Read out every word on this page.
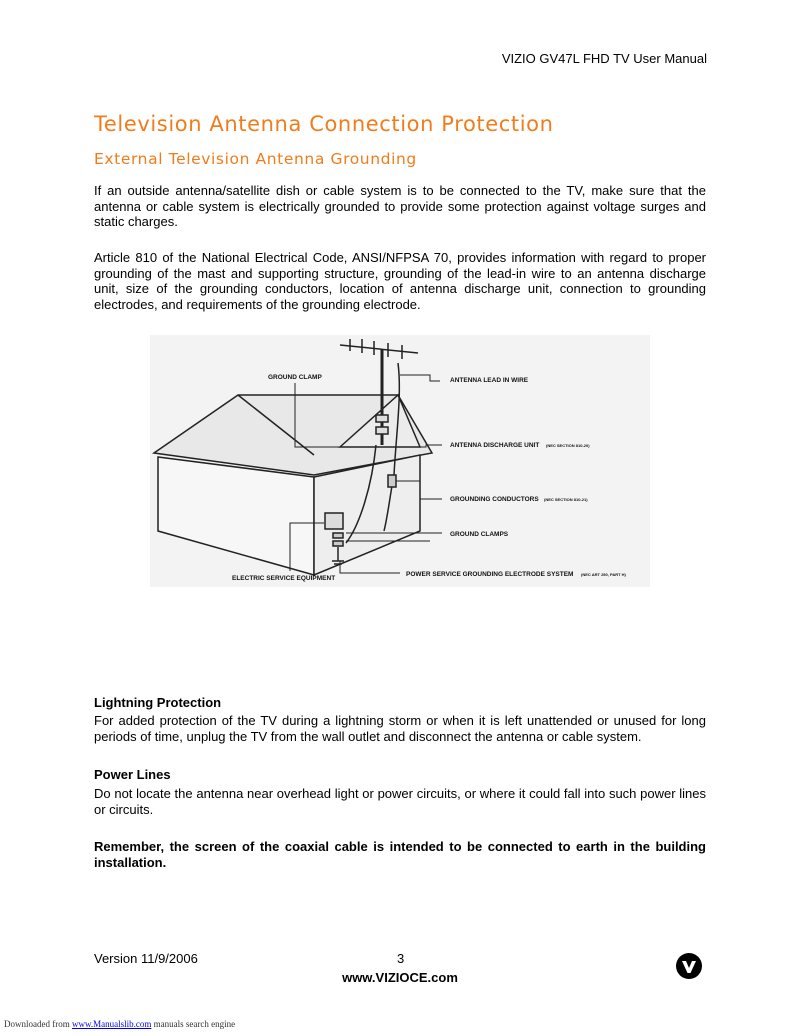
VIZIO GV47L FHD TV User Manual
Television Antenna Connection Protection
External Television Antenna Grounding

If an outside antenna/satellite dish or cable system is to be connected to the TV, make sure that the antenna or cable system is electrically grounded to provide some protection against voltage surges and static charges.

Article 810 of the National Electrical Code, ANSI/NFPSA 70, provides information with regard to proper grounding of the mast and supporting structure, grounding of the lead-in wire to an antenna discharge unit, size of the grounding conductors, location of antenna discharge unit, connection to grounding electrodes, and requirements of the grounding electrode.

GROUND CLAMP	ANTENNA LEAD IN WIRE
ANTENNA DISCHARGE UNIT (NEC SECTION 810-20)
GROUNDING CONDUCTORS (NEC SECTION 810-21)
GROUND CLAMPS
ELECTRIC SERVICE EQUIPMENT
POWER SERVICE GROUNDING ELECTRODE SYSTEM (NEC ART 250, PART H)
Lightning Protection

For added protection of the TV during a lightning storm or when it is left unattended or unused for long periods of time, unplug the TV from the wall outlet and disconnect the antenna or cable system.

Power Lines

Do not locate the antenna near overhead light or power circuits, or where it could fall into such power lines or circuits.

Remember, the screen of the coaxial cable is intended to be connected to earth in the building installation.

Version 11/9/2006	3
www.VIZIOCE.com
Downloaded from www.Manualslib.com manuals search engine
